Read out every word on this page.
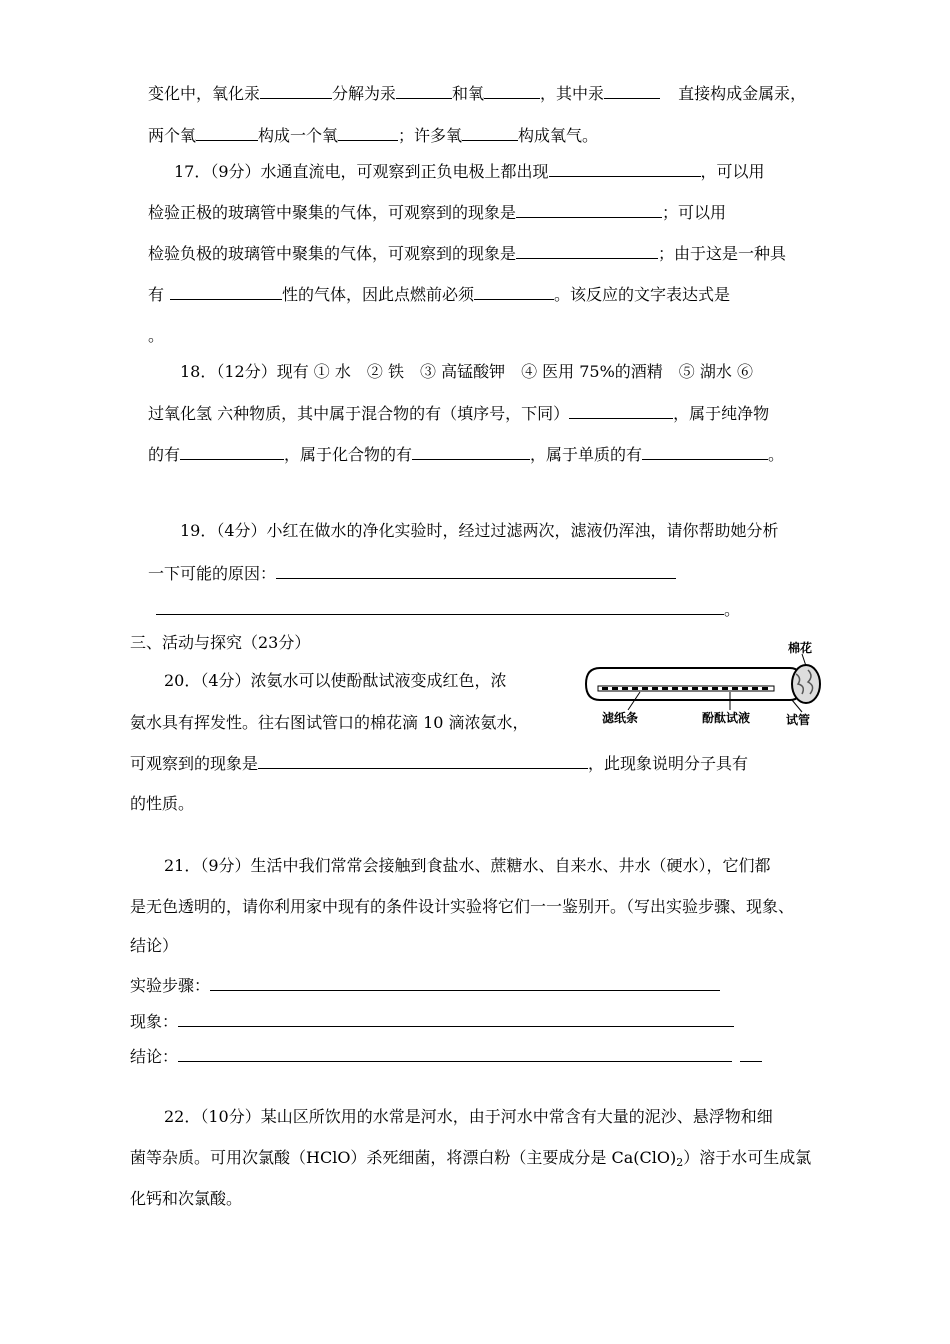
变化中，氧化汞	分解为汞	和氧	，其中汞	直接构成金属汞，
两个氧	构成一个氧	；许多氧	构成氧气。
17．（9分）水通直流电，可观察到正负电极上都出现	，可以用
检验正极的玻璃管中聚集的气体，可观察到的现象是	；可以用
检验负极的玻璃管中聚集的气体，可观察到的现象是	；由于这是一种具
有	性的气体，因此点燃前必须	。该反应的文字表达式是
。
18．（12分）现有 ① 水　② 铁　③ 高锰酸钾　④ 医用 75%的酒精　⑤ 湖水 ⑥
过氧化氢 六种物质，其中属于混合物的有（填序号，下同）	，属于纯净物
的有	，属于化合物的有	，属于单质的有	。
19．（4分）小红在做水的净化实验时，经过过滤两次，滤液仍浑浊，请你帮助她分析
一下可能的原因：
。
三、活动与探究（23分）
20．（4分）浓氨水可以使酚酞试液变成红色，浓
氨水具有挥发性。往右图试管口的棉花滴 10 滴浓氨水，
可观察到的现象是	，此现象说明分子具有
的性质。
棉花
滤纸条	酚酞试液	试管
21．（9分）生活中我们常常会接触到食盐水、蔗糖水、自来水、井水（硬水），它们都
是无色透明的，请你利用家中现有的条件设计实验将它们一一鉴别开。（写出实验步骤、现象、
结论）
实验步骤：
现象：
结论：
22．（10分）某山区所饮用的水常是河水，由于河水中常含有大量的泥沙、悬浮物和细
菌等杂质。可用次氯酸（HClO）杀死细菌，将漂白粉（主要成分是 $Ca(ClO)_2$）溶于水可生成氯
化钙和次氯酸。
